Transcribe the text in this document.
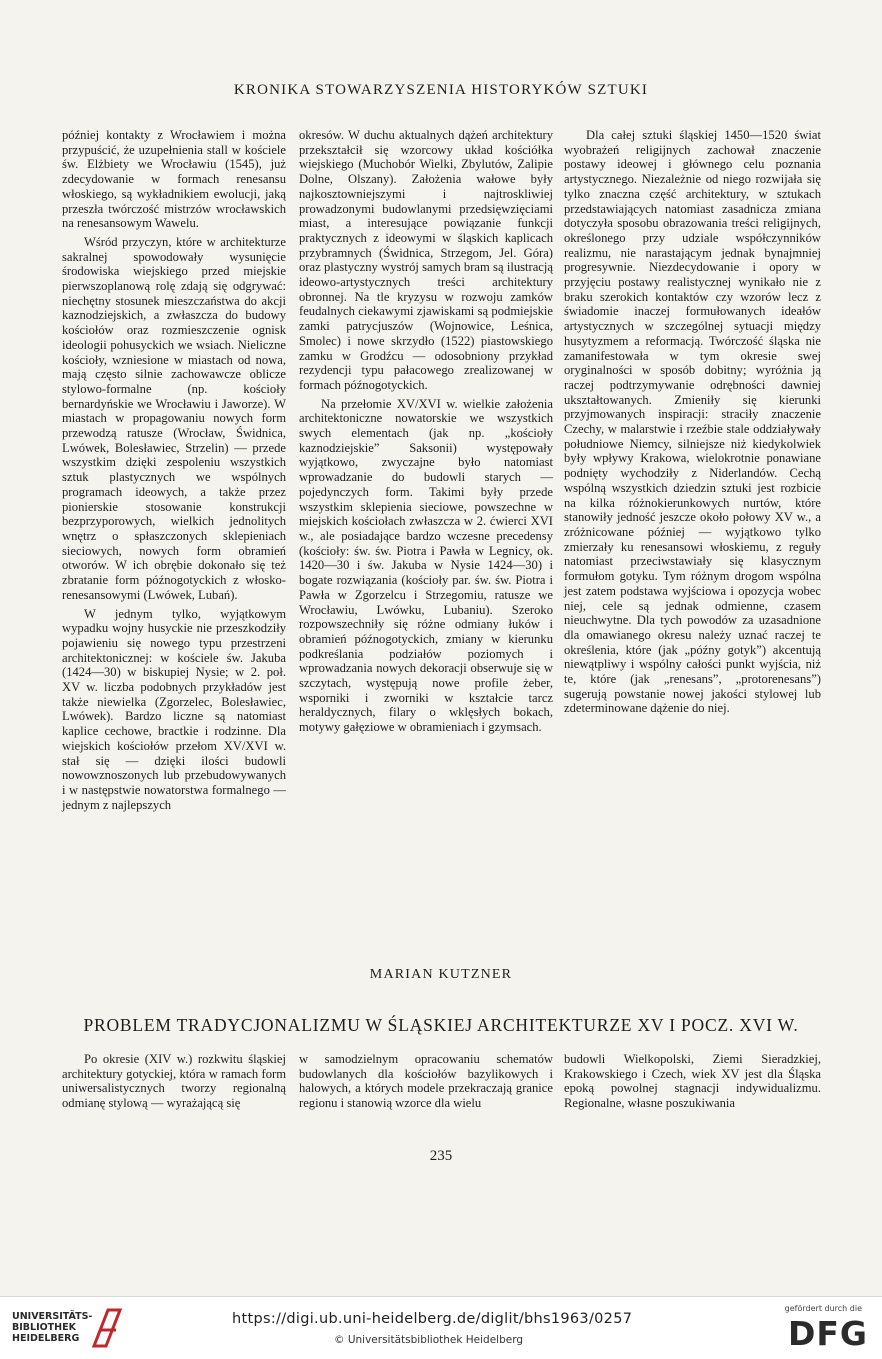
KRONIKA STOWARZYSZENIA HISTORYKÓW SZTUKI

później kontakty z Wrocławiem i można przypuścić, że uzupełnienia stall w kościele św. Elżbiety we Wrocławiu (1545), już zdecydowanie w formach renesansu włoskiego, są wykładnikiem ewolucji, jaką przeszła twórczość mistrzów wrocławskich na renesansowym Wawelu.

Wśród przyczyn, które w architekturze sakralnej spowodowały wysunięcie środowiska wiejskiego przed miejskie pierwszoplanową rolę zdają się odgrywać: niechętny stosunek mieszczaństwa do akcji kaznodziejskich, a zwłaszcza do budowy kościołów oraz rozmieszczenie ognisk ideologii pohusyckich we wsiach. Nieliczne kościoły, wzniesione w miastach od nowa, mają często silnie zachowawcze oblicze stylowo-formalne (np. kościoły bernardyńskie we Wrocławiu i Jaworze). W miastach w propagowaniu nowych form przewodzą ratusze (Wrocław, Świdnica, Lwówek, Bolesławiec, Strzelin) — przede wszystkim dzięki zespoleniu wszystkich sztuk plastycznych we wspólnych programach ideowych, a także przez pionierskie stosowanie konstrukcji bezprzyporowych, wielkich jednolitych wnętrz o spłaszczonych sklepieniach sieciowych, nowych form obramień otworów. W ich obrębie dokonało się też zbratanie form późnogotyckich z włosko-renesansowymi (Lwówek, Lubań).

W jednym tylko, wyjątkowym wypadku wojny husyckie nie przeszkodziły pojawieniu się nowego typu przestrzeni architektonicznej: w kościele św. Jakuba (1424—30) w biskupiej Nysie; w 2. poł. XV w. liczba podobnych przykładów jest także niewielka (Zgorzelec, Bolesławiec, Lwówek). Bardzo liczne są natomiast kaplice cechowe, bractkie i rodzinne. Dla wiejskich kościołów przełom XV/XVI w. stał się — dzięki ilości budowli nowowznoszonych lub przebudowywanych i w następstwie nowatorstwa formalnego — jednym z najlepszych

okresów. W duchu aktualnych dążeń architektury przekształcił się wzorcowy układ kościółka wiejskiego (Muchobór Wielki, Zbylutów, Zalipie Dolne, Olszany). Założenia wałowe były najkosztowniejszymi i najtroskliwiej prowadzonymi budowlanymi przedsięwzięciami miast, a interesujące powiązanie funkcji praktycznych z ideowymi w śląskich kaplicach przybramnych (Świdnica, Strzegom, Jel. Góra) oraz plastyczny wystrój samych bram są ilustracją ideowo-artystycznych treści architektury obronnej. Na tle kryzysu w rozwoju zamków feudalnych ciekawymi zjawiskami są podmiejskie zamki patrycjuszów (Wojnowice, Leśnica, Smolec) i nowe skrzydło (1522) piastowskiego zamku w Grodźcu — odosobniony przykład rezydencji typu pałacowego zrealizowanej w formach późnogotyckich.

Na przełomie XV/XVI w. wielkie założenia architektoniczne nowatorskie we wszystkich swych elementach (jak np. „kościoły kaznodziejskie” Saksonii) występowały wyjątkowo, zwyczajne było natomiast wprowadzanie do budowli starych — pojedynczych form. Takimi były przede wszystkim sklepienia sieciowe, powszechne w miejskich kościołach zwłaszcza w 2. ćwierci XVI w., ale posiadające bardzo wczesne precedensy (kościoły: św. św. Piotra i Pawła w Legnicy, ok. 1420—30 i św. Jakuba w Nysie 1424—30) i bogate rozwiązania (kościoły par. św. św. Piotra i Pawła w Zgorzelcu i Strzegomiu, ratusze we Wrocławiu, Lwówku, Lubaniu). Szeroko rozpowszechniły się różne odmiany łuków i obramień późnogotyckich, zmiany w kierunku podkreślania podziałów poziomych i wprowadzania nowych dekoracji obserwuje się w szczytach, występują nowe profile żeber, wsporniki i zworniki w kształcie tarcz heraldycznych, filary o wklęsłych bokach, motywy gałęziowe w obramieniach i gzymsach.

Dla całej sztuki śląskiej 1450—1520 świat wyobrażeń religijnych zachował znaczenie postawy ideowej i głównego celu poznania artystycznego. Niezależnie od niego rozwijała się tylko znaczna część architektury, w sztukach przedstawiających natomiast zasadnicza zmiana dotyczyła sposobu obrazowania treści religijnych, określonego przy udziale współczynników realizmu, nie narastającym jednak bynajmniej progresywnie. Niezdecydowanie i opory w przyjęciu postawy realistycznej wynikało nie z braku szerokich kontaktów czy wzorów lecz z świadomie inaczej formułowanych ideałów artystycznych w szczególnej sytuacji między husytyzmem a reformacją. Twórczość śląska nie zamanifestowała w tym okresie swej oryginalności w sposób dobitny; wyróżnia ją raczej podtrzymywanie odrębności dawniej ukształtowanych. Zmieniły się kierunki przyjmowanych inspiracji: straciły znaczenie Czechy, w malarstwie i rzeźbie stale oddziaływały południowe Niemcy, silniejsze niż kiedykolwiek były wpływy Krakowa, wielokrotnie ponawiane podnięty wychodziły z Niderlandów. Cechą wspólną wszystkich dziedzin sztuki jest rozbicie na kilka różnokierunkowych nurtów, które stanowiły jedność jeszcze około połowy XV w., a zróżnicowane później — wyjątkowo tylko zmierzały ku renesansowi włoskiemu, z reguły natomiast przeciwstawiały się klasycznym formułom gotyku. Tym różnym drogom wspólna jest zatem podstawa wyjściowa i opozycja wobec niej, cele są jednak odmienne, czasem nieuchwytne. Dla tych powodów za uzasadnione dla omawianego okresu należy uznać raczej te określenia, które (jak „późny gotyk”) akcentują niewątpliwy i wspólny całości punkt wyjścia, niż te, które (jak „renesans”, „protorenesans”) sugerują powstanie nowej jakości stylowej lub zdeterminowane dążenie do niej.

MARIAN KUTZNER
PROBLEM TRADYCJONALIZMU W ŚLĄSKIEJ ARCHITEKTURZE XV I POCZ. XVI W.

Po okresie (XIV w.) rozkwitu śląskiej architektury gotyckiej, która w ramach form uniwersalistycznych tworzy regionalną odmianę stylową — wyrażającą się

w samodzielnym opracowaniu schematów budowlanych dla kościołów bazylikowych i halowych, a których modele przekraczają granice regionu i stanowią wzorce dla wielu

budowli Wielkopolski, Ziemi Sieradzkiej, Krakowskiego i Czech, wiek XV jest dla Śląska epoką powolnej stagnacji indywidualizmu. Regionalne, własne poszukiwania

235
UNIVERSITÄTS- BIBLIOTHEK HEIDELBERG
https://digi.ub.uni-heidelberg.de/diglit/bhs1963/0257
© Universitätsbibliothek Heidelberg
gefördert durch die
DFG
